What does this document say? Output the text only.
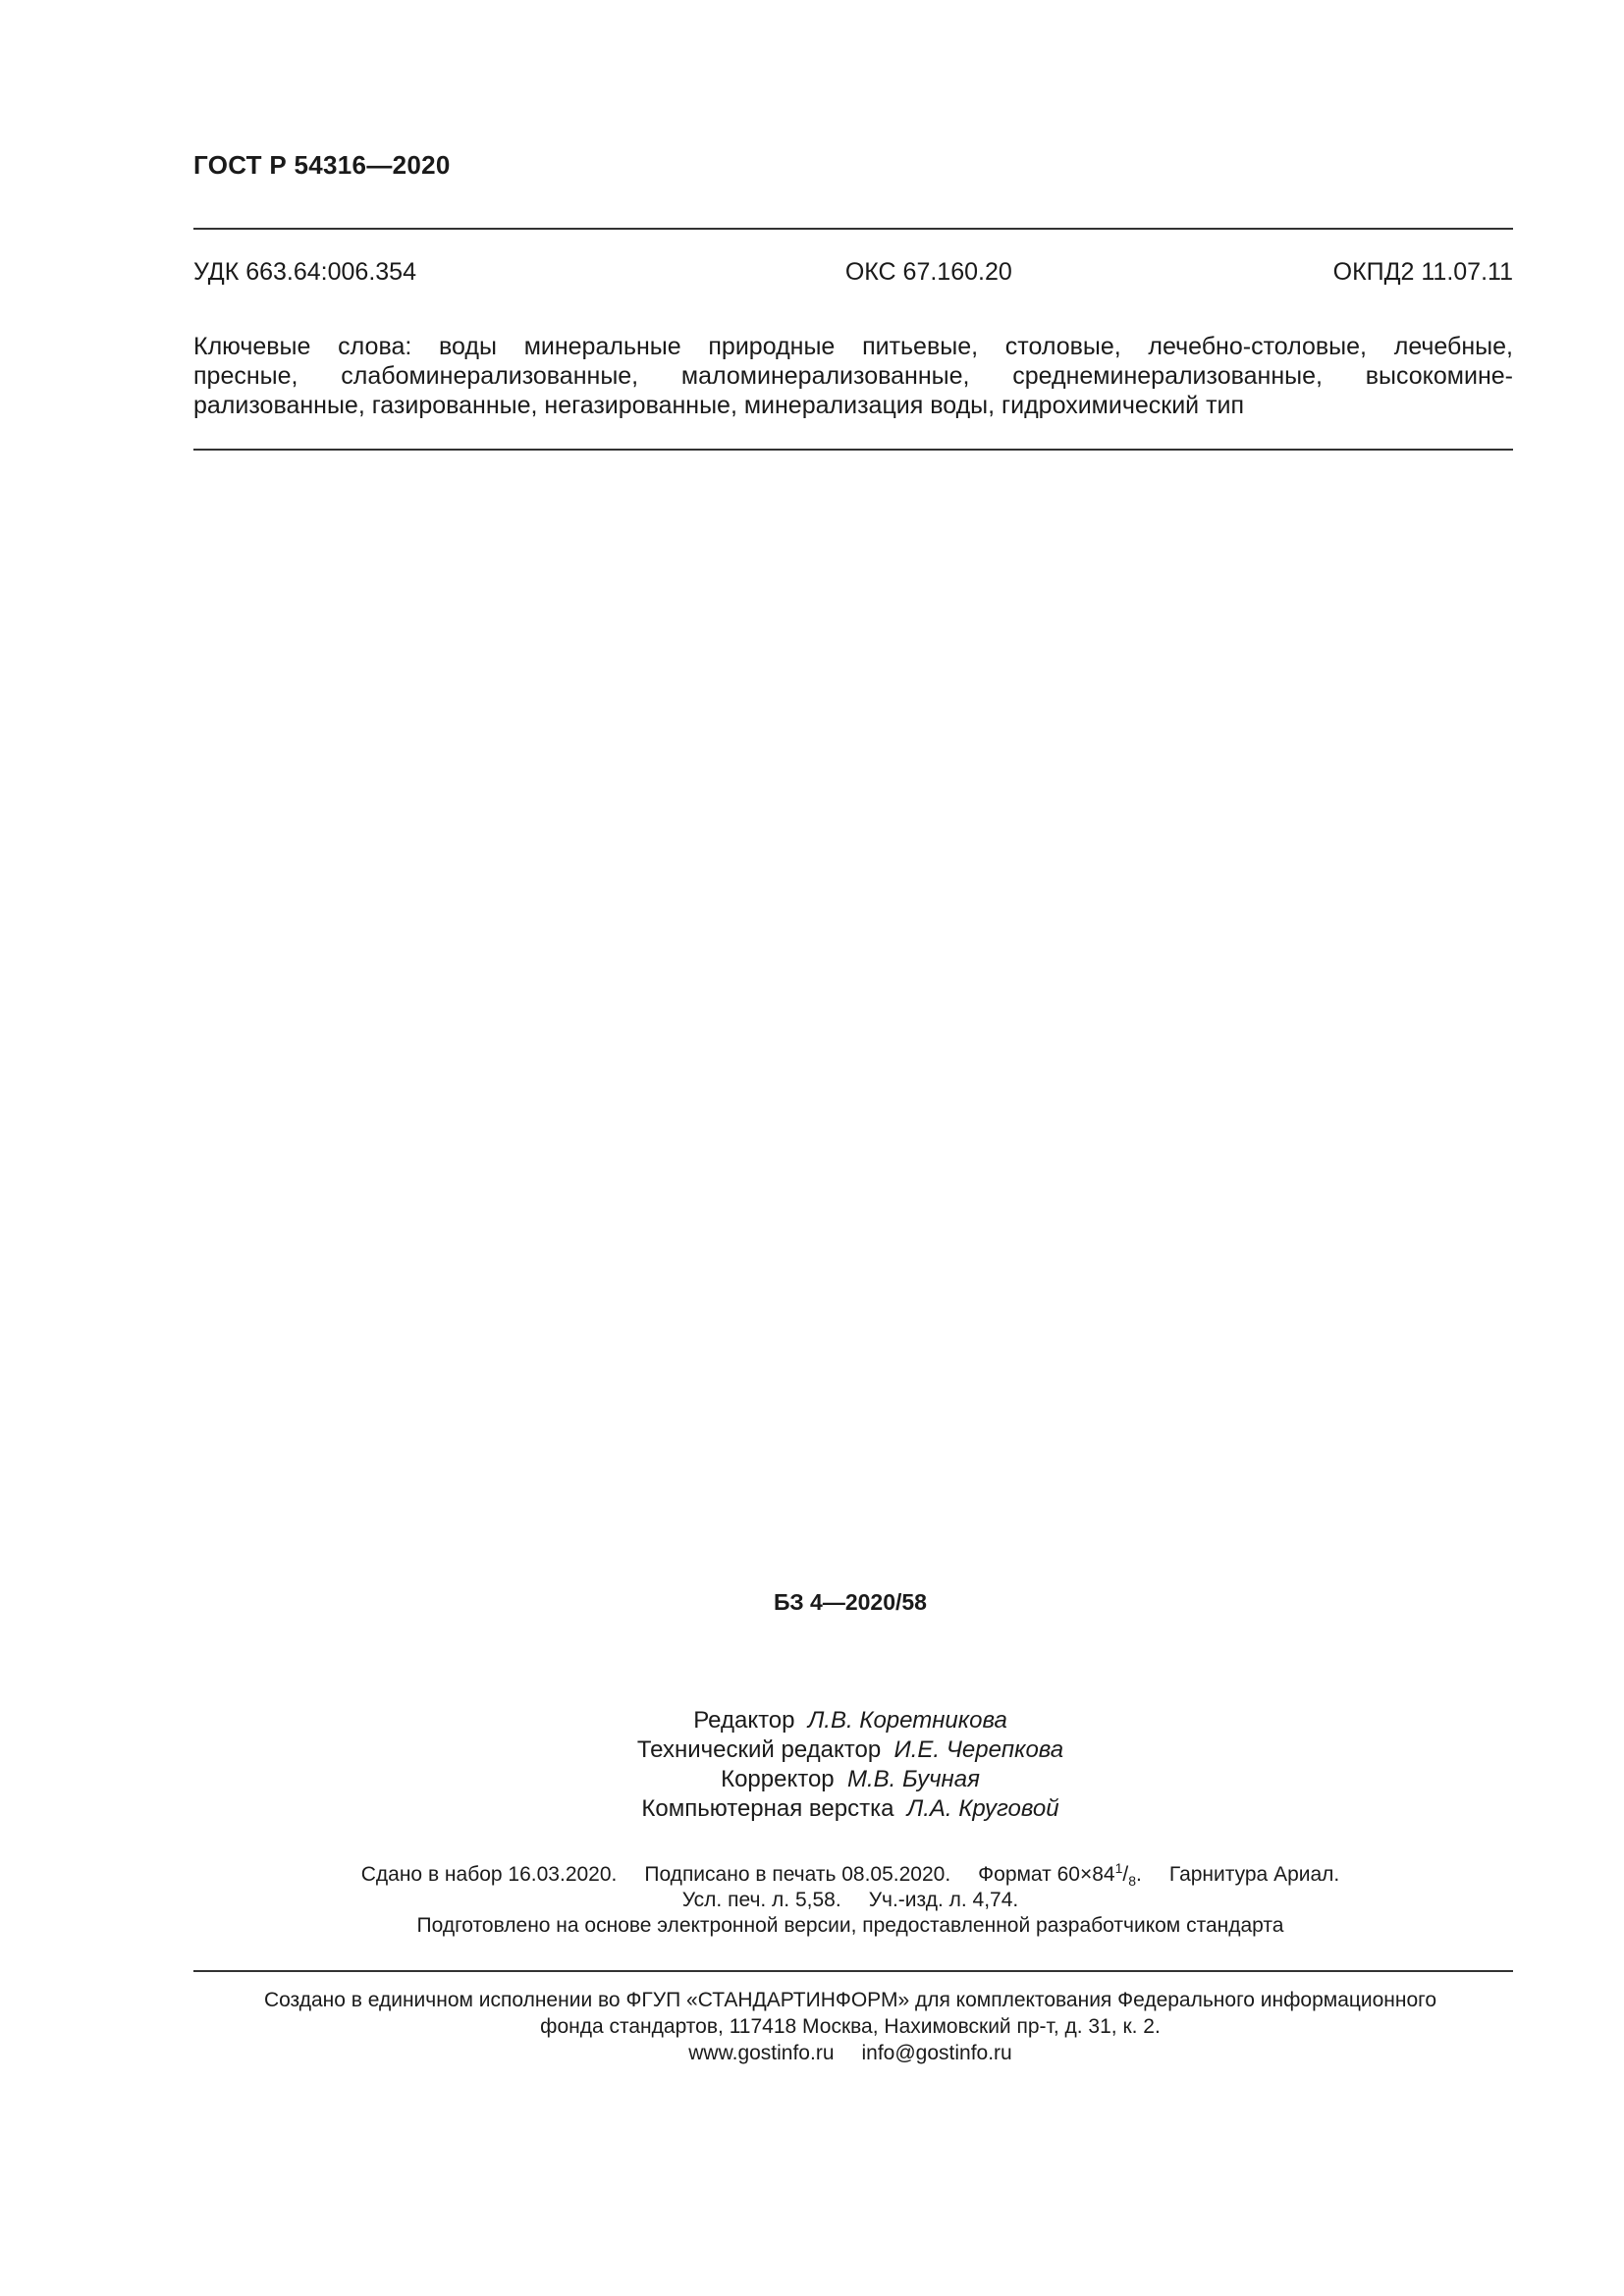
ГОСТ Р 54316—2020
УДК 663.64:006.354	ОКС 67.160.20	ОКПД2 11.07.11
Ключевые слова: воды минеральные природные питьевые, столовые, лечебно-столовые, лечебные,
пресные, слабоминерализованные, маломинерализованные, среднеминерализованные, высокомине-
рализованные, газированные, негазированные, минерализация воды, гидрохимический тип
БЗ 4—2020/58
Редактор Л.В. Коретникова
Технический редактор И.Е. Черепкова
Корректор М.В. Бучная
Компьютерная верстка Л.А. Круговой
Сдано в набор 16.03.2020. Подписано в печать 08.05.2020. Формат $60\times 84^1/_8$. Гарнитура Ариал.
Усл. печ. л. 5,58. Уч.-изд. л. 4,74.
Подготовлено на основе электронной версии, предоставленной разработчиком стандарта
Создано в единичном исполнении во ФГУП «СТАНДАРТИНФОРМ» для комплектования Федерального информационного
фонда стандартов, 117418 Москва, Нахимовский пр-т, д. 31, к. 2.
www.gostinfo.ru info@gostinfo.ru
